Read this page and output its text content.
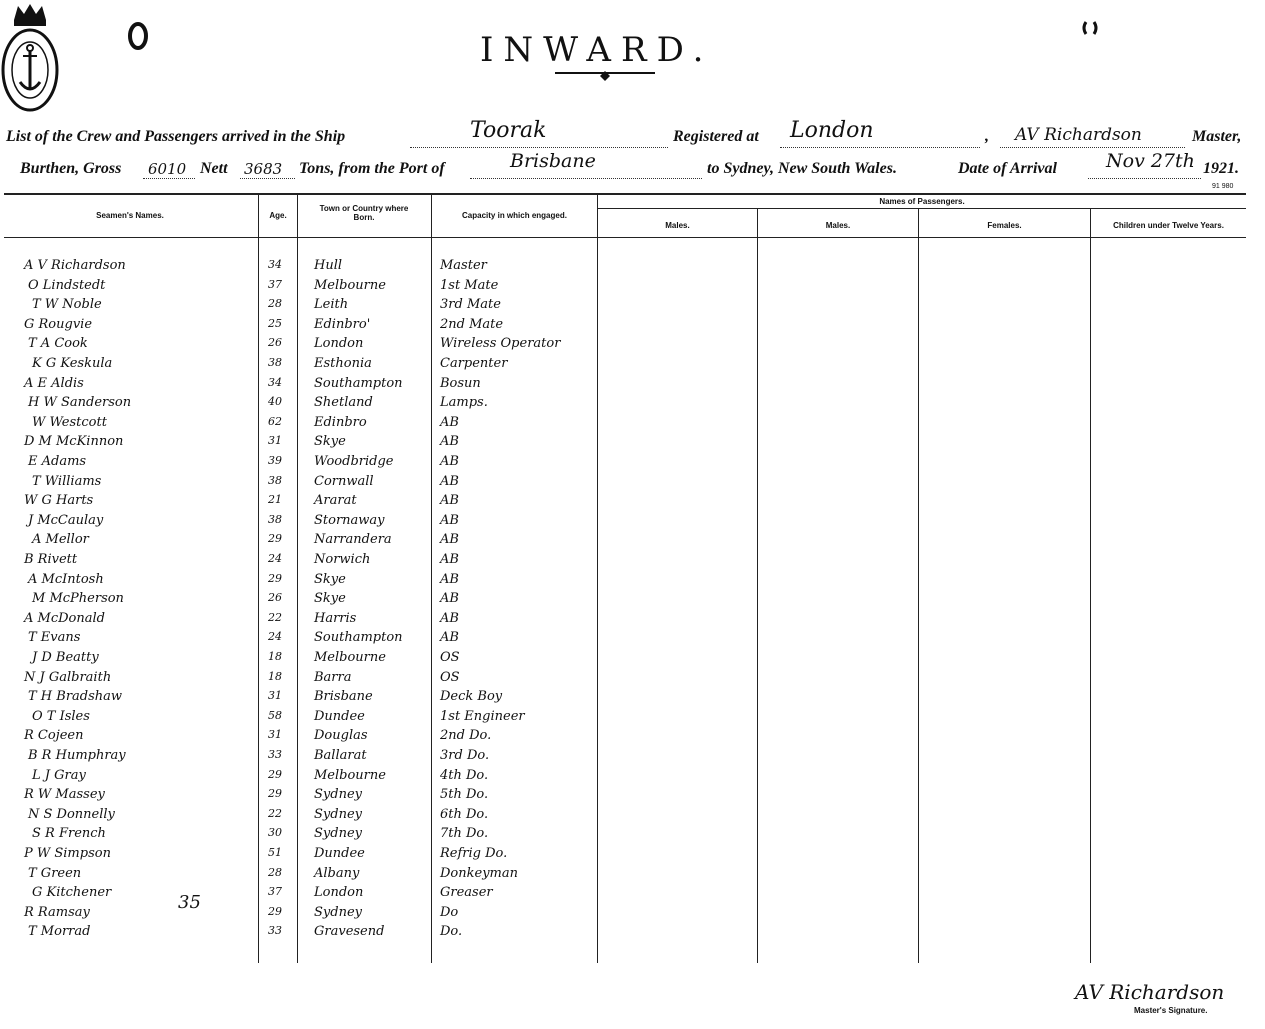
INWARD.
List of the Crew and Passengers arrived in the Ship	Toorak	Registered at London	, AV Richardson	Master,
Burthen, Gross 6010 Nett 3683 Tons, from the Port of	Brisbane	to Sydney, New South Wales.	Date of Arrival	Nov 27th 1921.
91 980
Seamen's Names.	Age.
Town or Country where Born.	Capacity in which engaged.
Names of Passengers.
Males.	Males.	Females.	Children under Twelve Years.
A V Richardson	34 Hull	Master
O Lindstedt	37 Melbourne	1st Mate
T W Noble	28 Leith	3rd Mate
G Rougvie	25 Edinbro'	2nd Mate
T A Cook	26 London	Wireless Operator
K G Keskula	38 Esthonia	Carpenter
A E Aldis	34 Southampton	Bosun
H W Sanderson	40 Shetland	Lamps.
W Westcott	62 Edinbro	AB
D M McKinnon	31 Skye	AB
E Adams	39 Woodbridge	AB
T Williams	38 Cornwall	AB
W G Harts	21 Ararat	AB
J McCaulay	38 Stornaway	AB
A Mellor	29 Narrandera	AB
B Rivett	24 Norwich	AB
A McIntosh	29 Skye	AB
M McPherson	26 Skye	AB
A McDonald	22 Harris	AB
T Evans	24 Southampton	AB
J D Beatty	18 Melbourne	OS
N J Galbraith	18 Barra	OS
T H Bradshaw	31 Brisbane	Deck Boy
O T Isles	58 Dundee	1st Engineer
R Cojeen	31 Douglas	2nd Do.
B R Humphray	33 Ballarat	3rd Do.
L J Gray	29 Melbourne	4th Do.
R W Massey	29 Sydney	5th Do.
N S Donnelly	22 Sydney	6th Do.
S R French	30 Sydney	7th Do.
P W Simpson	51 Dundee	Refrig Do.
T Green	28 Albany	Donkeyman
G Kitchener	37 London	Greaser
R Ramsay	29 Sydney	Do
T Morrad	33 Gravesend	Do.
35
AV Richardson
Master's Signature.
